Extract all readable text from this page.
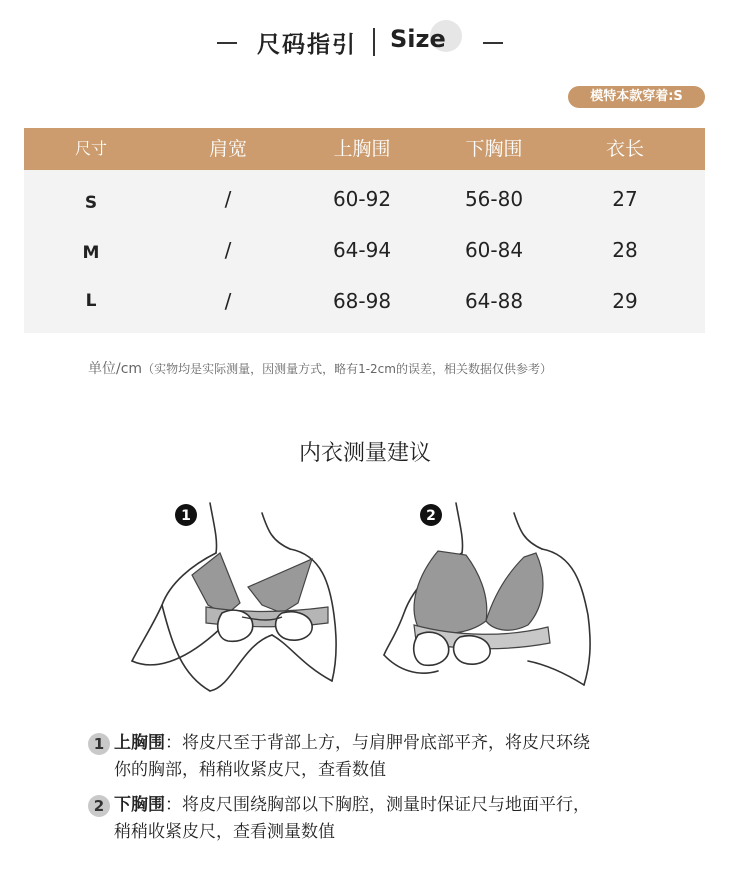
尺码指引 Size
模特本款穿着:S
尺寸	肩宽	上胸围	下胸围	衣长
S	/	60-92	56-80	27
M	/	64-94	60-84	28
L	/	68-98	64-88	29
单位/cm（实物均是实际测量，因测量方式，略有1-2cm的误差，相关数据仅供参考）
内衣测量建议
1	2
1 上胸围：将皮尺至于背部上方，与肩胛骨底部平齐，将皮尺环绕
你的胸部，稍稍收紧皮尺，查看数值
2 下胸围：将皮尺围绕胸部以下胸腔，测量时保证尺与地面平行，
稍稍收紧皮尺，查看测量数值
